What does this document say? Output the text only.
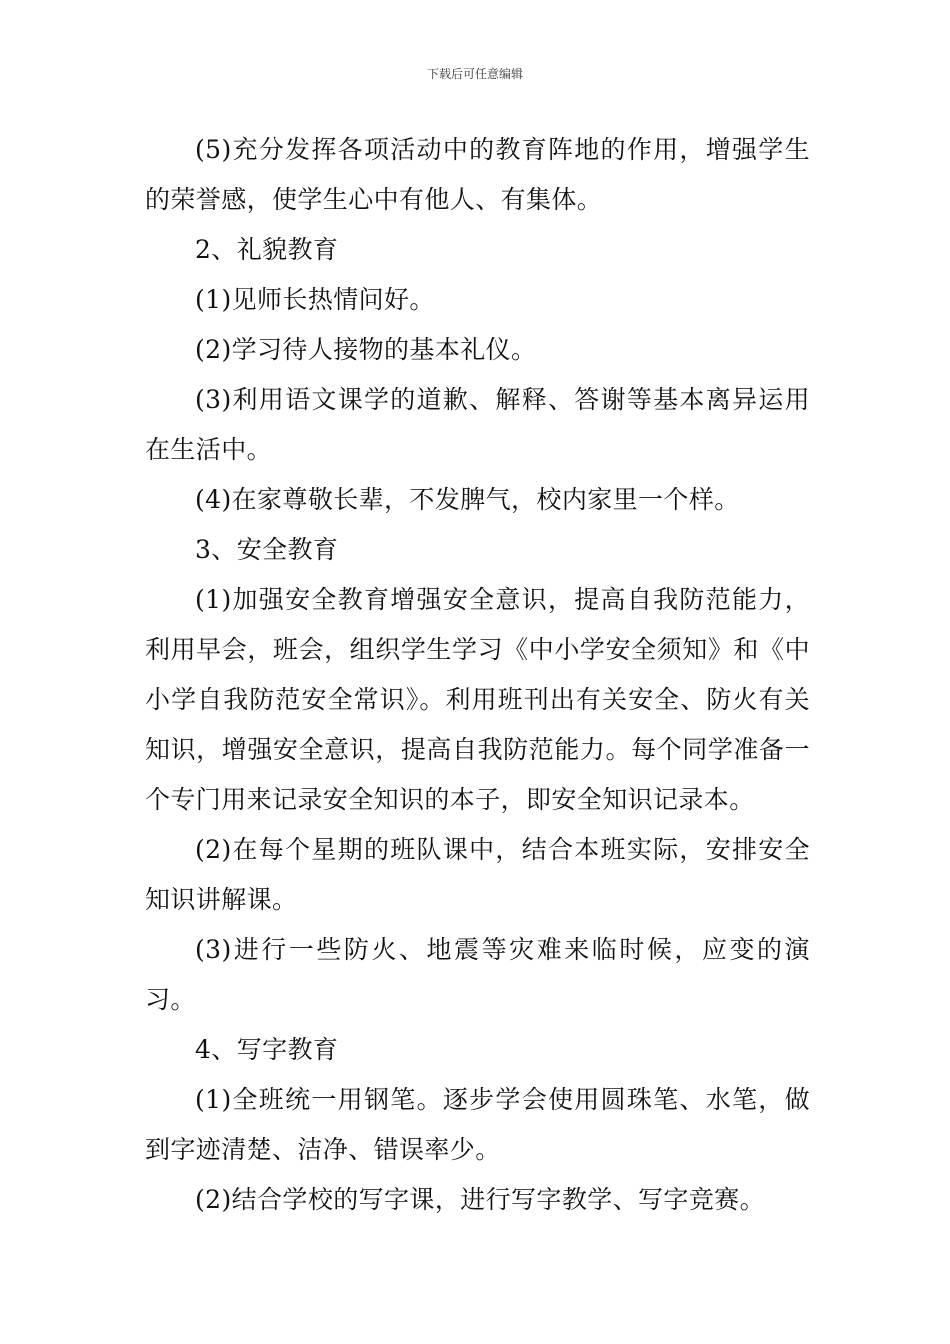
下载后可任意编辑

(5)充分发挥各项活动中的教育阵地的作用，增强学生的荣誉感，使学生心中有他人、有集体。

2、礼貌教育

(1)见师长热情问好。

(2)学习待人接物的基本礼仪。

(3)利用语文课学的道歉、解释、答谢等基本离异运用在生活中。

(4)在家尊敬长辈，不发脾气，校内家里一个样。

3、安全教育

(1)加强安全教育增强安全意识，提高自我防范能力，利用早会，班会，组织学生学习《中小学安全须知》和《中小学自我防范安全常识》。利用班刊出有关安全、防火有关知识，增强安全意识，提高自我防范能力。每个同学准备一个专门用来记录安全知识的本子，即安全知识记录本。

(2)在每个星期的班队课中，结合本班实际，安排安全知识讲解课。

(3)进行一些防火、地震等灾难来临时候，应变的演习。

4、写字教育

(1)全班统一用钢笔。逐步学会使用圆珠笔、水笔，做到字迹清楚、洁净、错误率少。

(2)结合学校的写字课，进行写字教学、写字竞赛。
